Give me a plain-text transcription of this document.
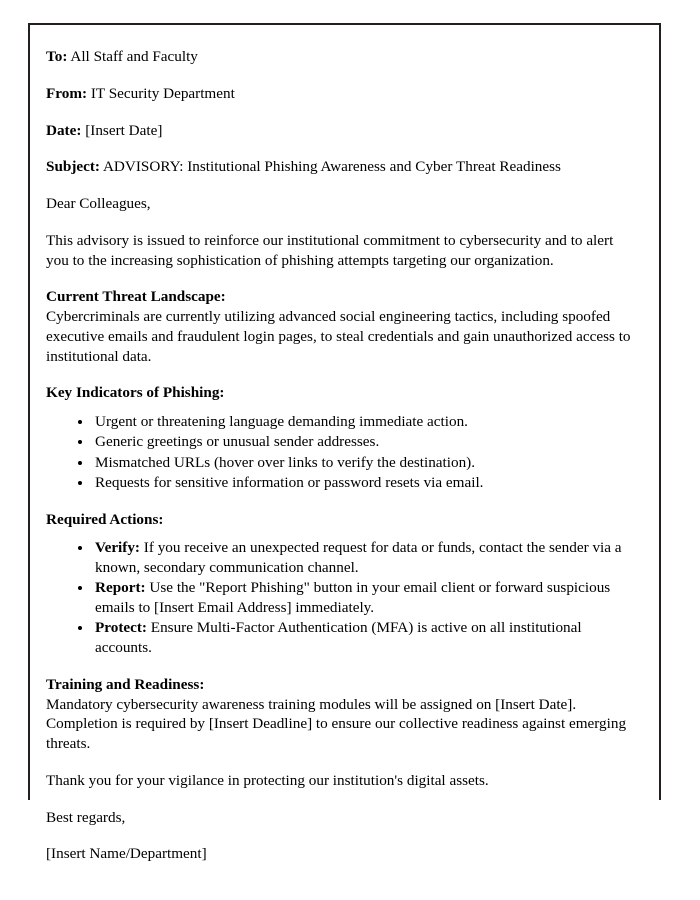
To: All Staff and Faculty

From: IT Security Department

Date: [Insert Date]

Subject: ADVISORY: Institutional Phishing Awareness and Cyber Threat Readiness

Dear Colleagues,

This advisory is issued to reinforce our institutional commitment to cybersecurity and to alert you to the increasing sophistication of phishing attempts targeting our organization.

Current Threat Landscape:

Cybercriminals are currently utilizing advanced social engineering tactics, including spoofed executive emails and fraudulent login pages, to steal credentials and gain unauthorized access to institutional data.

Key Indicators of Phishing:

• Urgent or threatening language demanding immediate action.
• Generic greetings or unusual sender addresses.
• Mismatched URLs (hover over links to verify the destination).
• Requests for sensitive information or password resets via email.

Required Actions:

• Verify: If you receive an unexpected request for data or funds, contact the sender via a known, secondary communication channel.
• Report: Use the "Report Phishing" button in your email client or forward suspicious emails to [Insert Email Address] immediately.
• Protect: Ensure Multi-Factor Authentication (MFA) is active on all institutional accounts.

Training and Readiness:

Mandatory cybersecurity awareness training modules will be assigned on [Insert Date]. Completion is required by [Insert Deadline] to ensure our collective readiness against emerging threats.

Thank you for your vigilance in protecting our institution's digital assets.

Best regards,

[Insert Name/Department]
